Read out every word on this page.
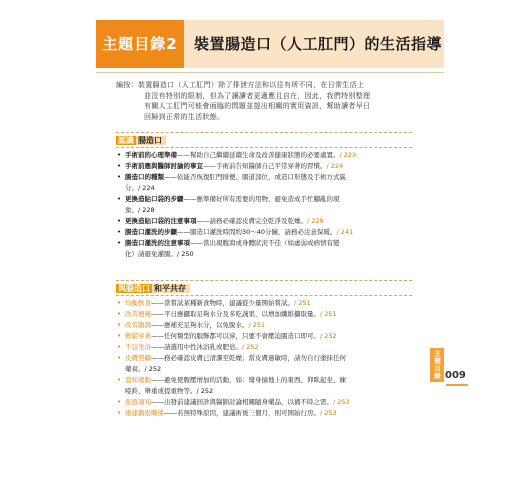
主題目錄2	裝置腸造口（人工肛門）的生活指導
編按：裝置腸造口（人工肛門）除了排泄方法和以往有所不同，在日常生活上
並沒有特別的限制，但為了讓讀者更適應且自在，因此，我們特別整理
有關人工肛門可能會面臨的問題並提出相關的實用資訊，幫助讀者早日
回歸到正常的生活狀態。
認識 腸造口
• 手術前的心理準備——幫助自己繼續延續生命及改善健康狀態的必要處置。/ 223
• 手術前應與醫師討論的事宜——手術前告知醫師自己平常穿著的習慣。/ 224
• 腸造口的種類——依能否恢復肛門排便、腸道部位，或造口形態及手術方式區
分。/ 224
• 更換造貼口袋的步驟——應準備好所有需要的用物，避免造成手忙腳亂的現
象。/ 228
• 更換造貼口袋的注意事項——請務必確認皮膚完全乾淨及乾燥。/ 229
• 腸造口灌洗的步驟——腸造口灌洗時間約30～40分鐘，請務必注意保暖。/ 241
• 腸造口灌洗的注意事項——當出現腹瀉或身體狀況不佳（如虛弱或病情有變
化）請避免灌腸。/ 250
與腸造口 和平共存
• 均衡飲食——當嘗試某種新食物時，建議從少量開始嘗試。/ 251
• 改善便秘——平日應攝取足夠水分及多吃蔬果，以增加纖維攝取量。/ 251
• 改善腹瀉——應補充足夠水分，以免脫水。/ 251
• 輕鬆穿著——任何類型的服飾都可以穿，只要不會壓迫腸造口即可。/ 252
• 不宜坐浴——請選用中性沐浴乳或肥皂。/ 252
• 皮膚照顧——務必確認皮膚已清潔至乾燥；當皮膚過敏時，請勿自行塗抹任何
藥膏。/ 252
• 溫和運動——避免使腹壓增加的活動，如：彎身撿地上的東西、仰臥起坐、練
啞鈴、舉重或提重物等。/ 252
• 旅遊須知——出發前建議回診與醫師討論相關隨身藥品，以備不時之需。/ 253
• 重建親密關係——若無特殊原因，建議術後三個月，則可開始行房。/ 253
主題目錄 009
